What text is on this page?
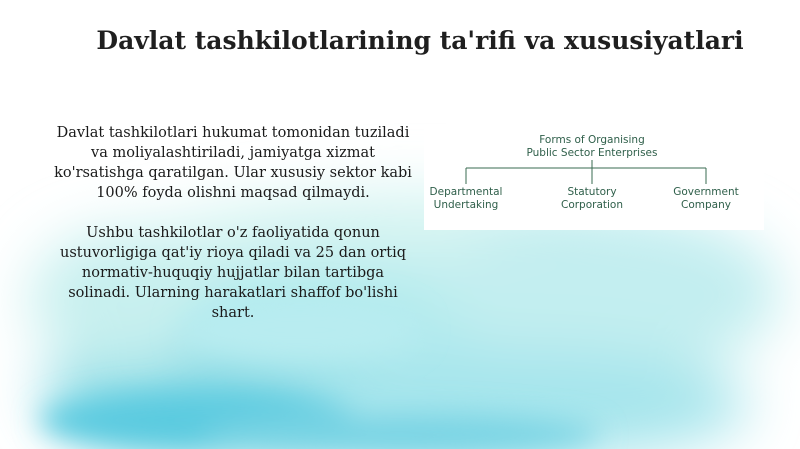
Davlat tashkilotlarining ta'rifi va xususiyatlari

Davlat tashkilotlari hukumat tomonidan tuziladi va moliyalashtiriladi, jamiyatga xizmat ko'rsatishga qaratilgan. Ular xususiy sektor kabi 100% foyda olishni maqsad qilmaydi.

Ushbu tashkilotlar o'z faoliyatida qonun ustuvorligiga qat'iy rioya qiladi va 25 dan ortiq normativ-huquqiy hujjatlar bilan tartibga solinadi. Ularning harakatlari shaffof bo'lishi shart.

Forms of Organising
Public Sector Enterprises
Departmental
Undertaking
Statutory
Corporation
Government
Company
